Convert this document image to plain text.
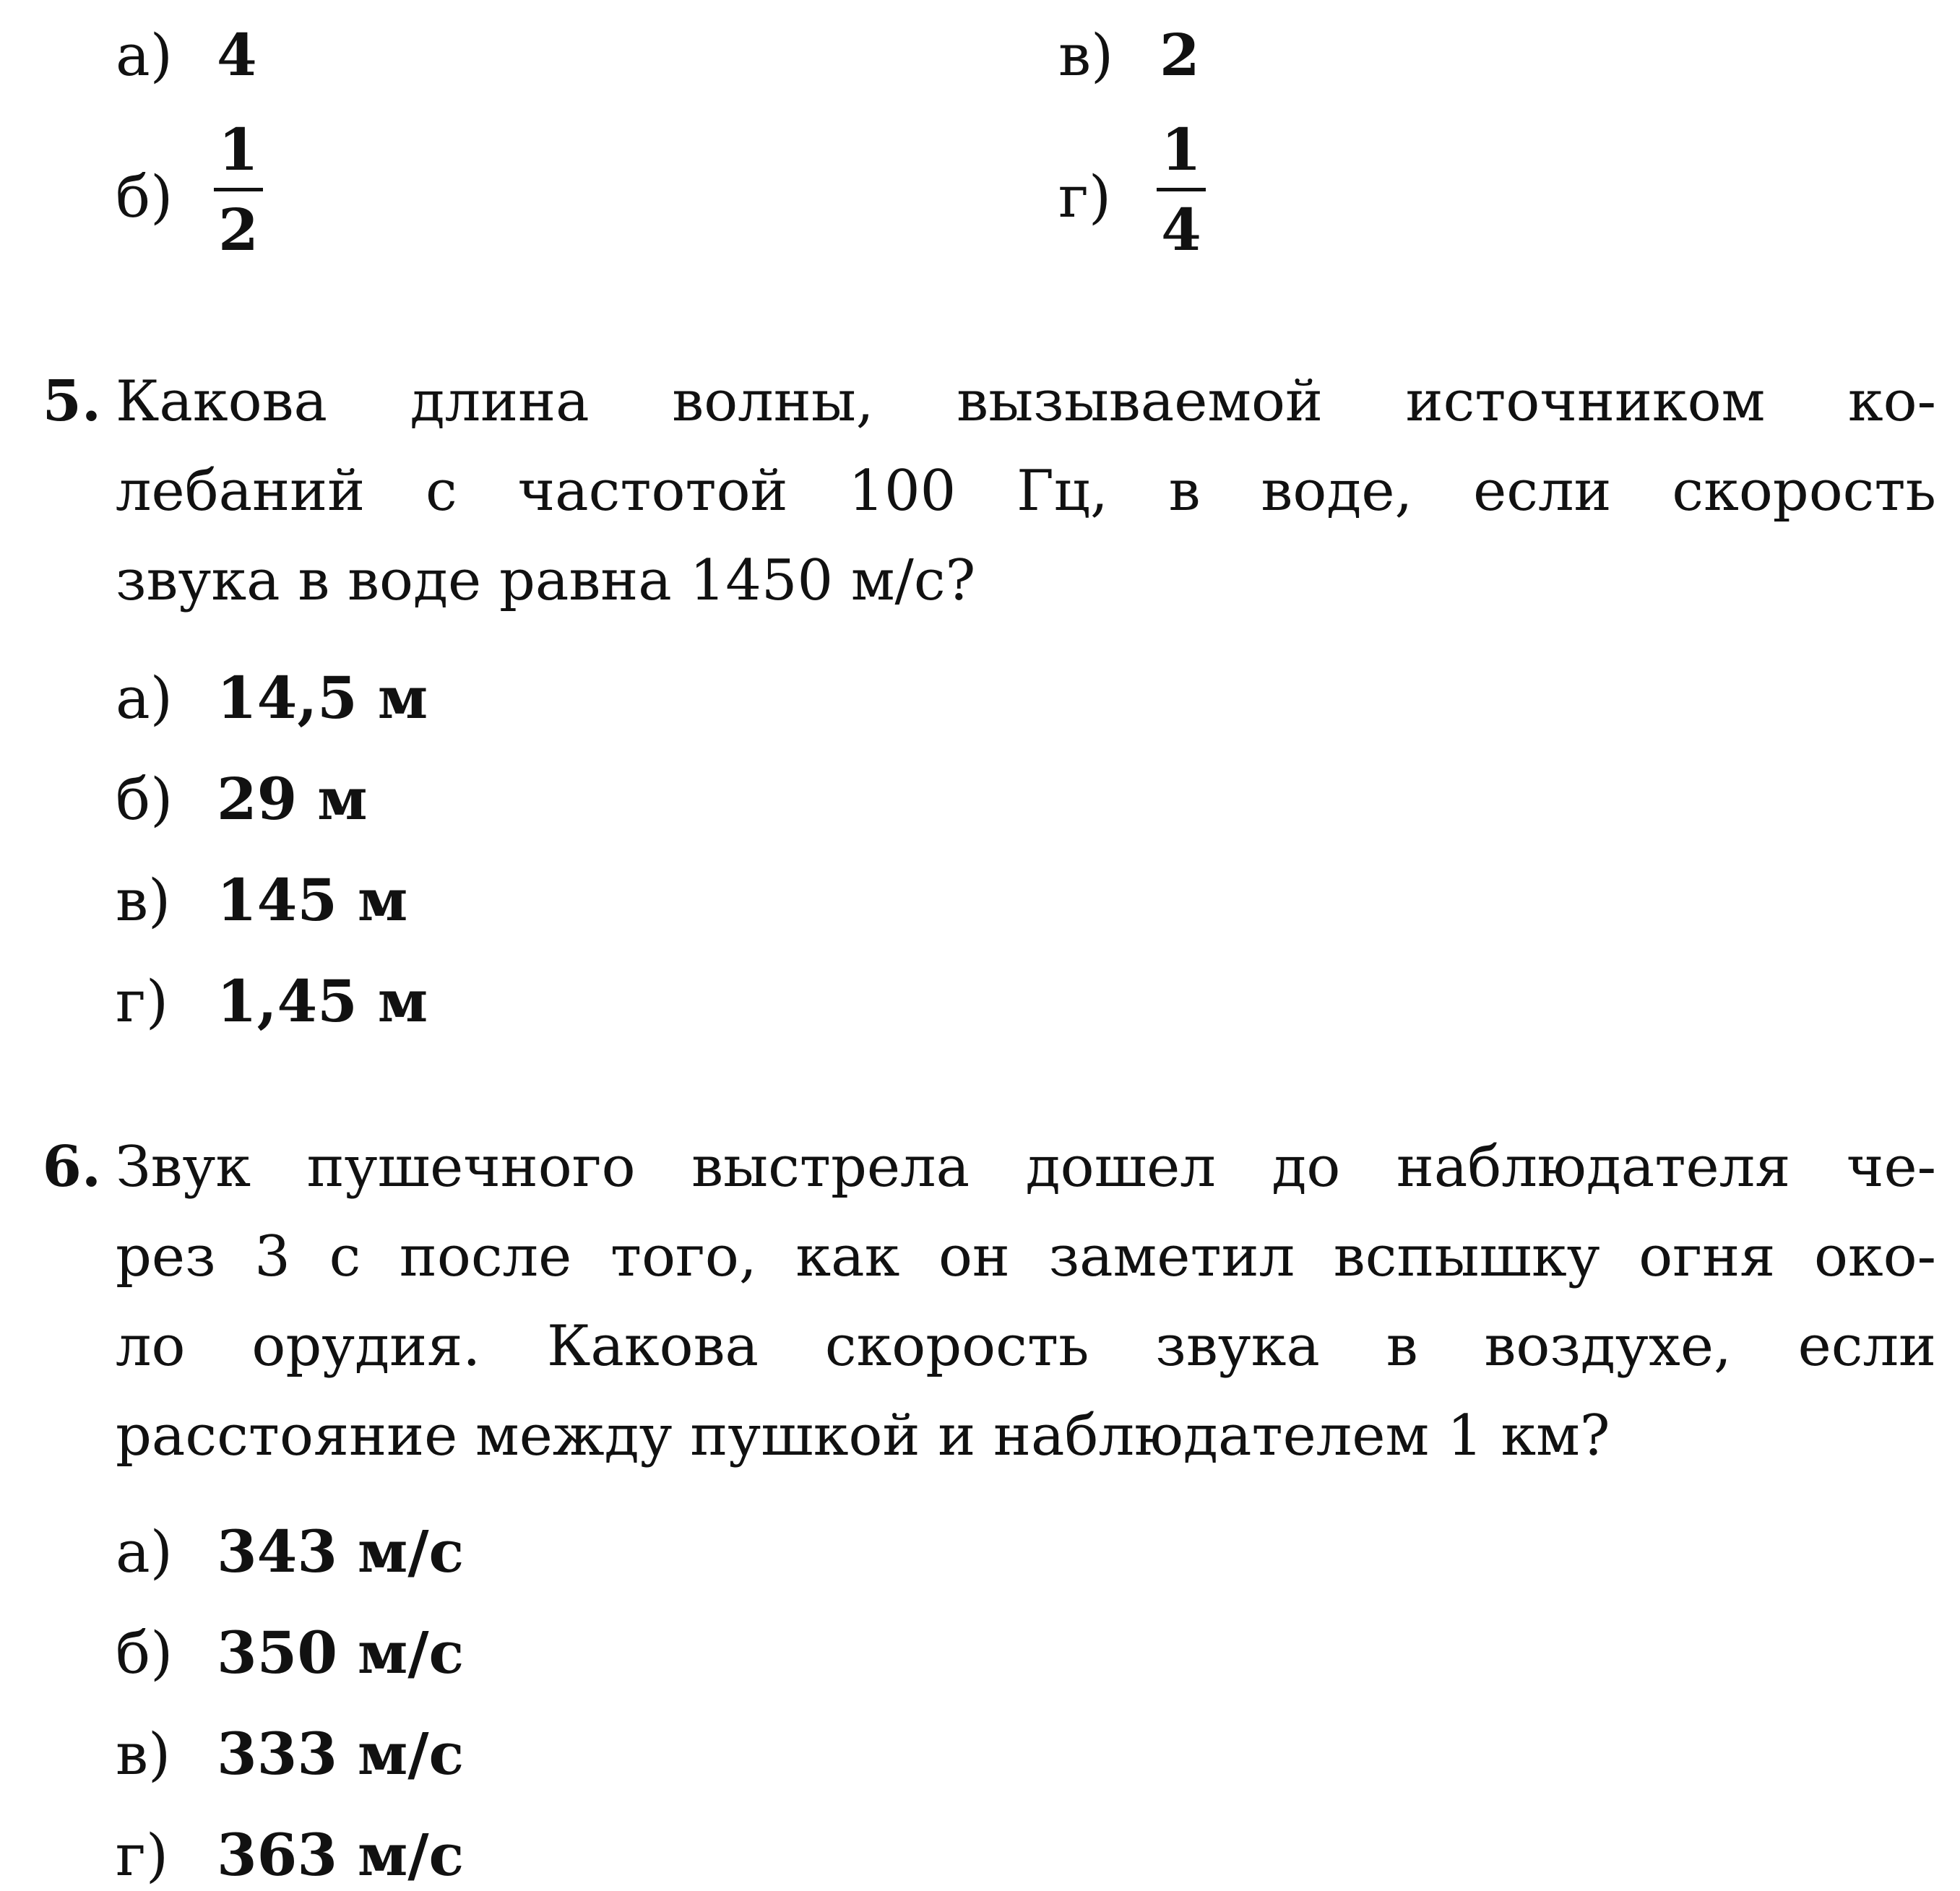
а) 4	в) 2
б)
1
2	г)
1
4
5. Какова длина волны, вызываемой источником ко-
лебаний с частотой 100 Гц, в воде, если скорость
звука в воде равна 1450 м/с?
а) 14,5 м
б) 29 м
в) 145 м
г) 1,45 м
6. Звук пушечного выстрела дошел до наблюдателя че-
рез 3 с после того, как он заметил вспышку огня око-
ло орудия. Какова скорость звука в воздухе, если
расстояние между пушкой и наблюдателем 1 км?
а) 343 м/с
б) 350 м/с
в) 333 м/с
г) 363 м/с
